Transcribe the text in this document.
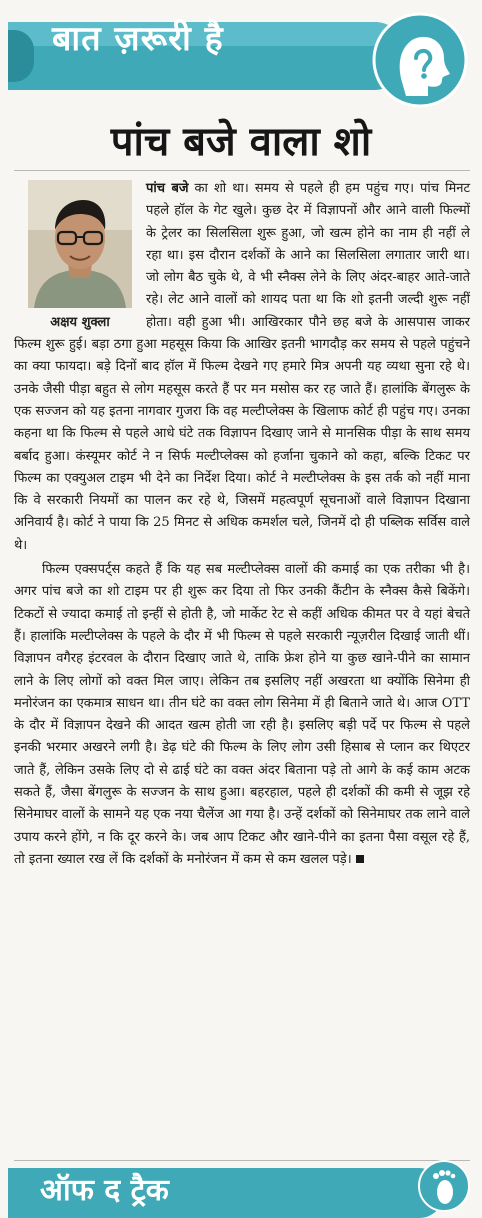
बात ज़रूरी है
पांच बजे वाला शो
अक्षय शुक्ला

पांच बजे का शो था। समय से पहले ही हम पहुंच गए। पांच मिनट पहले हॉल के गेट खुले। कुछ देर में विज्ञापनों और आने वाली फिल्मों के ट्रेलर का सिलसिला शुरू हुआ, जो खत्म होने का नाम ही नहीं ले रहा था। इस दौरान दर्शकों के आने का सिलसिला लगातार जारी था। जो लोग बैठ चुके थे, वे भी स्नैक्स लेने के लिए अंदर-बाहर आते-जाते रहे। लेट आने वालों को शायद पता था कि शो इतनी जल्दी शुरू नहीं होता। वही हुआ भी। आखिरकार पौने छह बजे के आसपास जाकर फिल्म शुरू हुई। बड़ा ठगा हुआ महसूस किया कि आखिर इतनी भागदौड़ कर समय से पहले पहुंचने का क्या फायदा। बड़े दिनों बाद हॉल में फिल्म देखने गए हमारे मित्र अपनी यह व्यथा सुना रहे थे। उनके जैसी पीड़ा बहुत से लोग महसूस करते हैं पर मन मसोस कर रह जाते हैं। हालांकि बेंगलुरू के एक सज्जन को यह इतना नागवार गुजरा कि वह मल्टीप्लेक्स के खिलाफ कोर्ट ही पहुंच गए। उनका कहना था कि फिल्म से पहले आधे घंटे तक विज्ञापन दिखाए जाने से मानसिक पीड़ा के साथ समय बर्बाद हुआ। कंस्यूमर कोर्ट ने न सिर्फ मल्टीप्लेक्स को हर्जाना चुकाने को कहा, बल्कि टिकट पर फिल्म का एक्युअल टाइम भी देने का निर्देश दिया। कोर्ट ने मल्टीप्लेक्स के इस तर्क को नहीं माना कि वे सरकारी नियमों का पालन कर रहे थे, जिसमें महत्वपूर्ण सूचनाओं वाले विज्ञापन दिखाना अनिवार्य है। कोर्ट ने पाया कि 25 मिनट से अधिक कमर्शल चले, जिनमें दो ही पब्लिक सर्विस वाले थे।

फिल्म एक्सपर्ट्स कहते हैं कि यह सब मल्टीप्लेक्स वालों की कमाई का एक तरीका भी है। अगर पांच बजे का शो टाइम पर ही शुरू कर दिया तो फिर उनकी कैंटीन के स्नैक्स कैसे बिकेंगे। टिकटों से ज्यादा कमाई तो इन्हीं से होती है, जो मार्केट रेट से कहीं अधिक कीमत पर वे यहां बेचते हैं। हालांकि मल्टीप्लेक्स के पहले के दौर में भी फिल्म से पहले सरकारी न्यूज़रील दिखाई जाती थीं। विज्ञापन वगैरह इंटरवल के दौरान दिखाए जाते थे, ताकि फ्रेश होने या कुछ खाने-पीने का सामान लाने के लिए लोगों को वक्त मिल जाए। लेकिन तब इसलिए नहीं अखरता था क्योंकि सिनेमा ही मनोरंजन का एकमात्र साधन था। तीन घंटे का वक्त लोग सिनेमा में ही बिताने जाते थे। आज OTT के दौर में विज्ञापन देखने की आदत खत्म होती जा रही है। इसलिए बड़ी पर्दे पर फिल्म से पहले इनकी भरमार अखरने लगी है। डेढ़ घंटे की फिल्म के लिए लोग उसी हिसाब से प्लान कर थिएटर जाते हैं, लेकिन उसके लिए दो से ढाई घंटे का वक्त अंदर बिताना पड़े तो आगे के कई काम अटक सकते हैं, जैसा बेंगलुरू के सज्जन के साथ हुआ। बहरहाल, पहले ही दर्शकों की कमी से जूझ रहे सिनेमाघर वालों के सामने यह एक नया चैलेंज आ गया है। उन्हें दर्शकों को सिनेमाघर तक लाने वाले उपाय करने होंगे, न कि दूर करने के। जब आप टिकट और खाने-पीने का इतना पैसा वसूल रहे हैं, तो इतना ख्याल रख लें कि दर्शकों के मनोरंजन में कम से कम खलल पड़े।

ऑफ द ट्रैक
